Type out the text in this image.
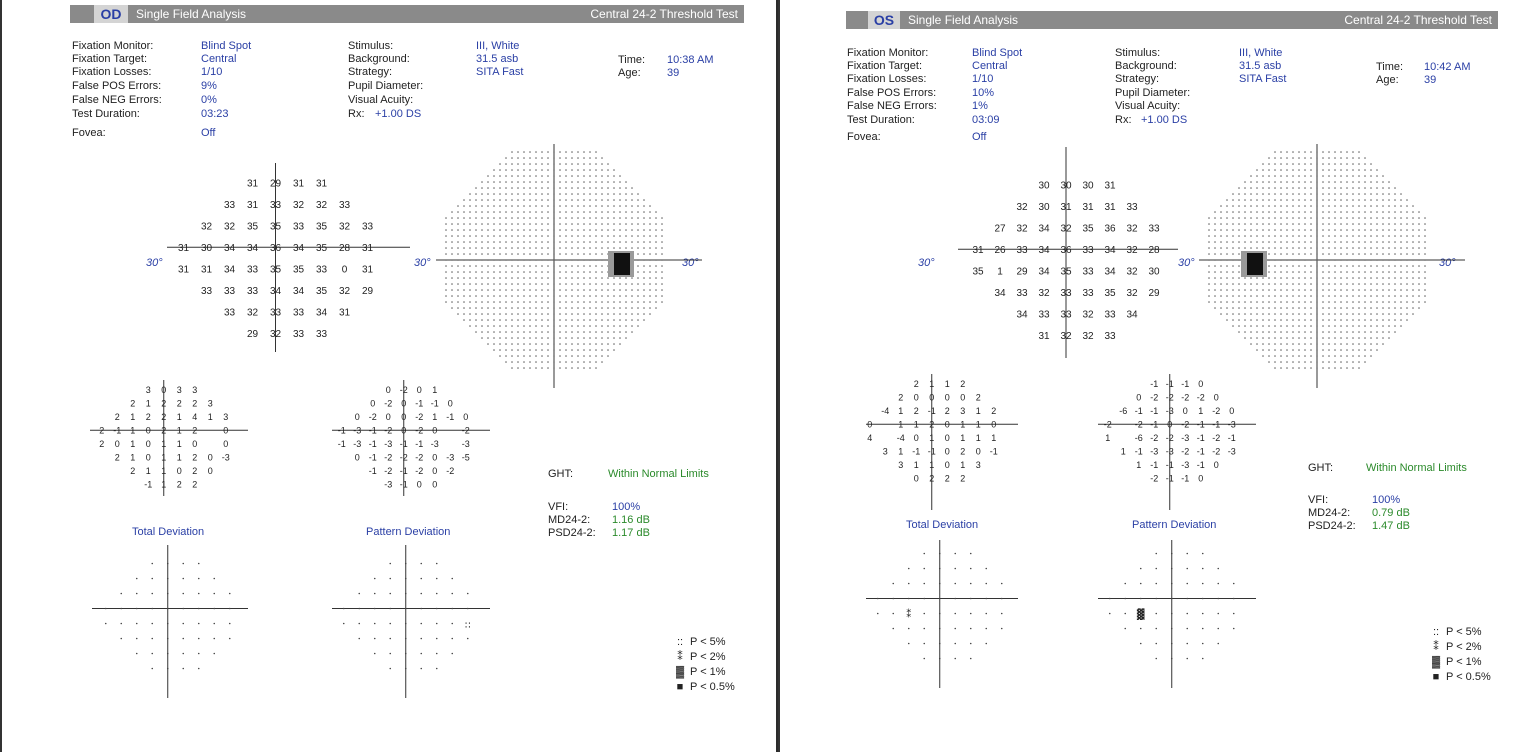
OD	Single Field Analysis	Central 24-2 Threshold Test
Fixation Monitor:	Blind Spot
Fixation Target:	Central
Fixation Losses:	1/10
False POS Errors:	9%
False NEG Errors:	0%
Test Duration:	03:23
Fovea:	Off
Stimulus:	III, White
Background:	31.5 asb
Strategy:	SITA Fast
Pupil Diameter:
Visual Acuity:
Rx: +1.00 DS
Time: 10:38 AM
Age: 39
31 29 31 31
33 31 33 32 32 33
32 32 35 35 33 35 32 33
31 30 34 34 36 34 35 28 31
31 31 34 33 35 35 33 0 31
33 33 33 34 34 35 32 29
33 32 33 33 34 31
29 32 33 33
30°	30°	30°
3 0 3 3
2 1 2 2 2 3
2 1 2 2 1 4 1 3
2 -1 1 0 2 1 2	0
2 0 1 0 1 1 0	0
2 1 0 1 1 2 0 -3
2 1 1 0 2 0
-1 1 2 2
0 -2 0 1
0 -2 0 -1 -1 0
0 -2 0 0 -2 1 -1 0
-1 -3 -1 -2 0 -2 0	-2
-1 -3 -1 -3 -1 -1 -3	-3
0 -1 -2 -2 -2 0 -3 -5
-1 -2 -1 -2 0 -2
-3 -1 0 0
::
Total Deviation	Pattern Deviation
GHT:	Within Normal Limits
VFI:	100%
MD24-2: 1.16 dB
PSD24-2: 1.17 dB
:: P < 5%
⁑ P < 2%
▓ P < 1%
■ P < 0.5%
OS	Single Field Analysis	Central 24-2 Threshold Test
Fixation Monitor:	Blind Spot
Fixation Target:	Central
Fixation Losses:	1/10
False POS Errors:	10%
False NEG Errors:	1%
Test Duration:	03:09
Fovea:	Off
Stimulus:	III, White
Background:	31.5 asb
Strategy:	SITA Fast
Pupil Diameter:
Visual Acuity:
Rx: +1.00 DS
Time: 10:42 AM
Age: 39
30 30 30 31
32 30 31 31 31 33
27 32 34 32 35 36 32 33
31 26 33 34 36 33 34 32 28
35 1 29 34 35 33 34 32 30
34 33 32 33 33 35 32 29
34 33 33 32 33 34
31 32 32 33
30°	30°	30°
2 1 1 2
2 0 0 0 0 2
-4 1 2 -1 2 3 1 2
0	1 1 2 0 1 1 0
4	-4 0 1 0 1 1 1
3 1 -1 -1 0 2 0 -1
3 1 1 0 1 3
0 2 2 2
-1 -1 -1 0
0 -2 -2 -2 -2 0
-6 -1 -1 -3 0 1 -2 0
-2	-2 -1 0 -2 -1 -1 -3
1	-6 -2 -2 -3 -1 -2 -1
1 -1 -3 -3 -2 -1 -2 -3
1 -1 -1 -3 -1 0
-2 -1 -1 0
⁑	▓
Total Deviation	Pattern Deviation
GHT:	Within Normal Limits
VFI:	100%
MD24-2: 0.79 dB
PSD24-2: 1.47 dB
:: P < 5%
⁑ P < 2%
▓ P < 1%
■ P < 0.5%
